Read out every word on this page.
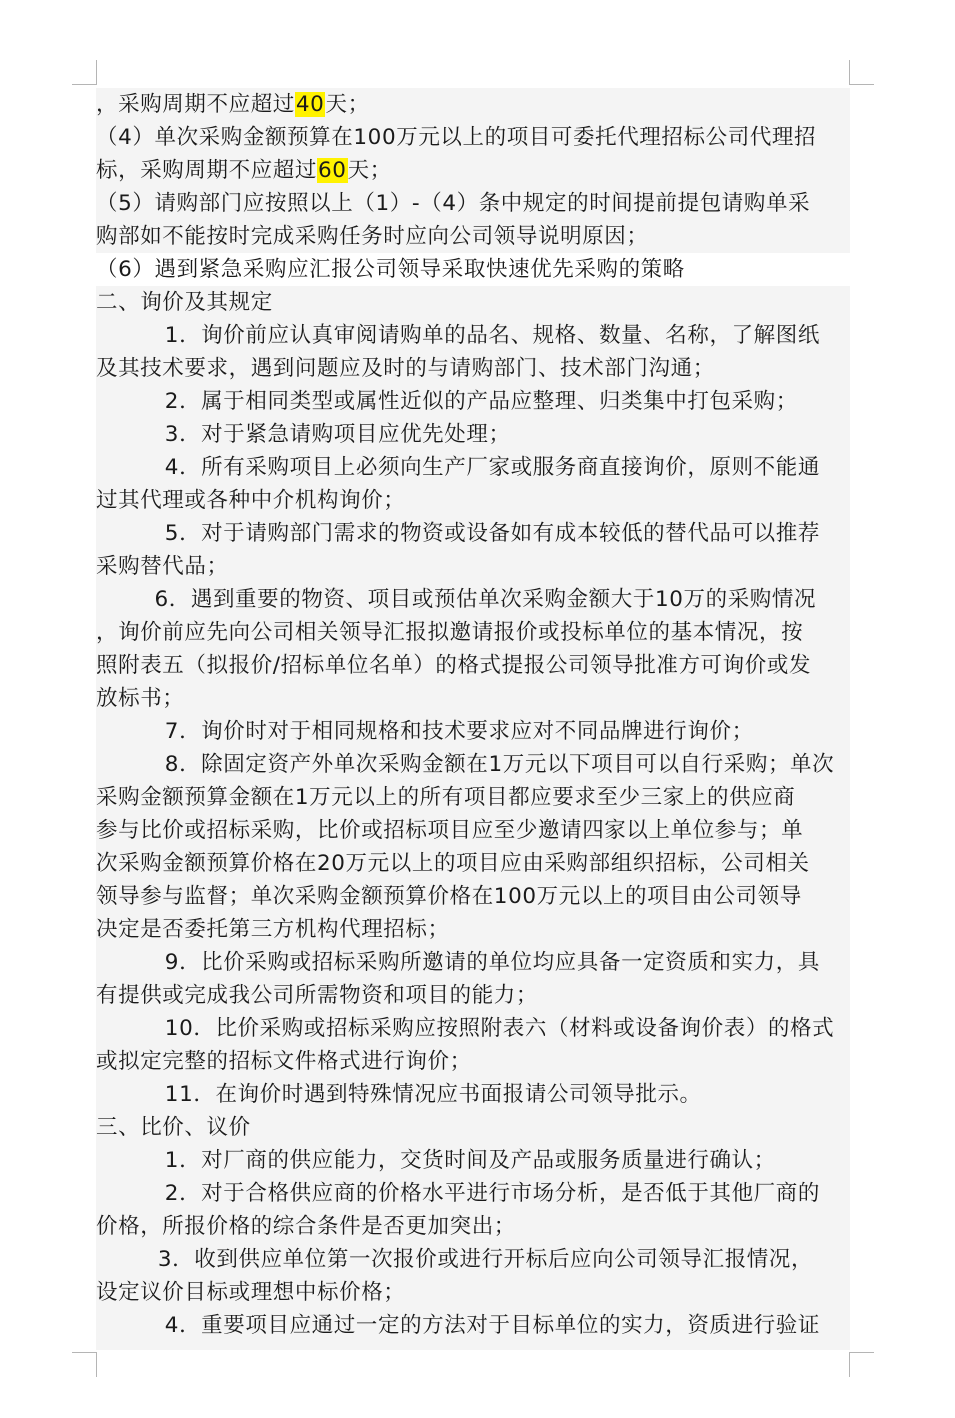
，采购周期不应超过40天；
（4）单次采购金额预算在100万元以上的项目可委托代理招标公司代理招
标，采购周期不应超过60天；
（5）请购部门应按照以上（1）-（4）条中规定的时间提前提包请购单采
购部如不能按时完成采购任务时应向公司领导说明原因；
（6）遇到紧急采购应汇报公司领导采取快速优先采购的策略
二、询价及其规定
1．询价前应认真审阅请购单的品名、规格、数量、名称，了解图纸
及其技术要求，遇到问题应及时的与请购部门、技术部门沟通；
2．属于相同类型或属性近似的产品应整理、归类集中打包采购；
3．对于紧急请购项目应优先处理；
4．所有采购项目上必须向生产厂家或服务商直接询价，原则不能通
过其代理或各种中介机构询价；
5．对于请购部门需求的物资或设备如有成本较低的替代品可以推荐
采购替代品；
6．遇到重要的物资、项目或预估单次采购金额大于10万的采购情况
，询价前应先向公司相关领导汇报拟邀请报价或投标单位的基本情况，按
照附表五（拟报价/招标单位名单）的格式提报公司领导批准方可询价或发
放标书；
7．询价时对于相同规格和技术要求应对不同品牌进行询价；
8．除固定资产外单次采购金额在1万元以下项目可以自行采购；单次
采购金额预算金额在1万元以上的所有项目都应要求至少三家上的供应商
参与比价或招标采购，比价或招标项目应至少邀请四家以上单位参与；单
次采购金额预算价格在20万元以上的项目应由采购部组织招标，公司相关
领导参与监督；单次采购金额预算价格在100万元以上的项目由公司领导
决定是否委托第三方机构代理招标；
9．比价采购或招标采购所邀请的单位均应具备一定资质和实力，具
有提供或完成我公司所需物资和项目的能力；
10．比价采购或招标采购应按照附表六（材料或设备询价表）的格式
或拟定完整的招标文件格式进行询价；
11．在询价时遇到特殊情况应书面报请公司领导批示。
三、比价、议价
1．对厂商的供应能力，交货时间及产品或服务质量进行确认；
2．对于合格供应商的价格水平进行市场分析，是否低于其他厂商的
价格，所报价格的综合条件是否更加突出；
3．收到供应单位第一次报价或进行开标后应向公司领导汇报情况，
设定议价目标或理想中标价格；
4．重要项目应通过一定的方法对于目标单位的实力，资质进行验证
